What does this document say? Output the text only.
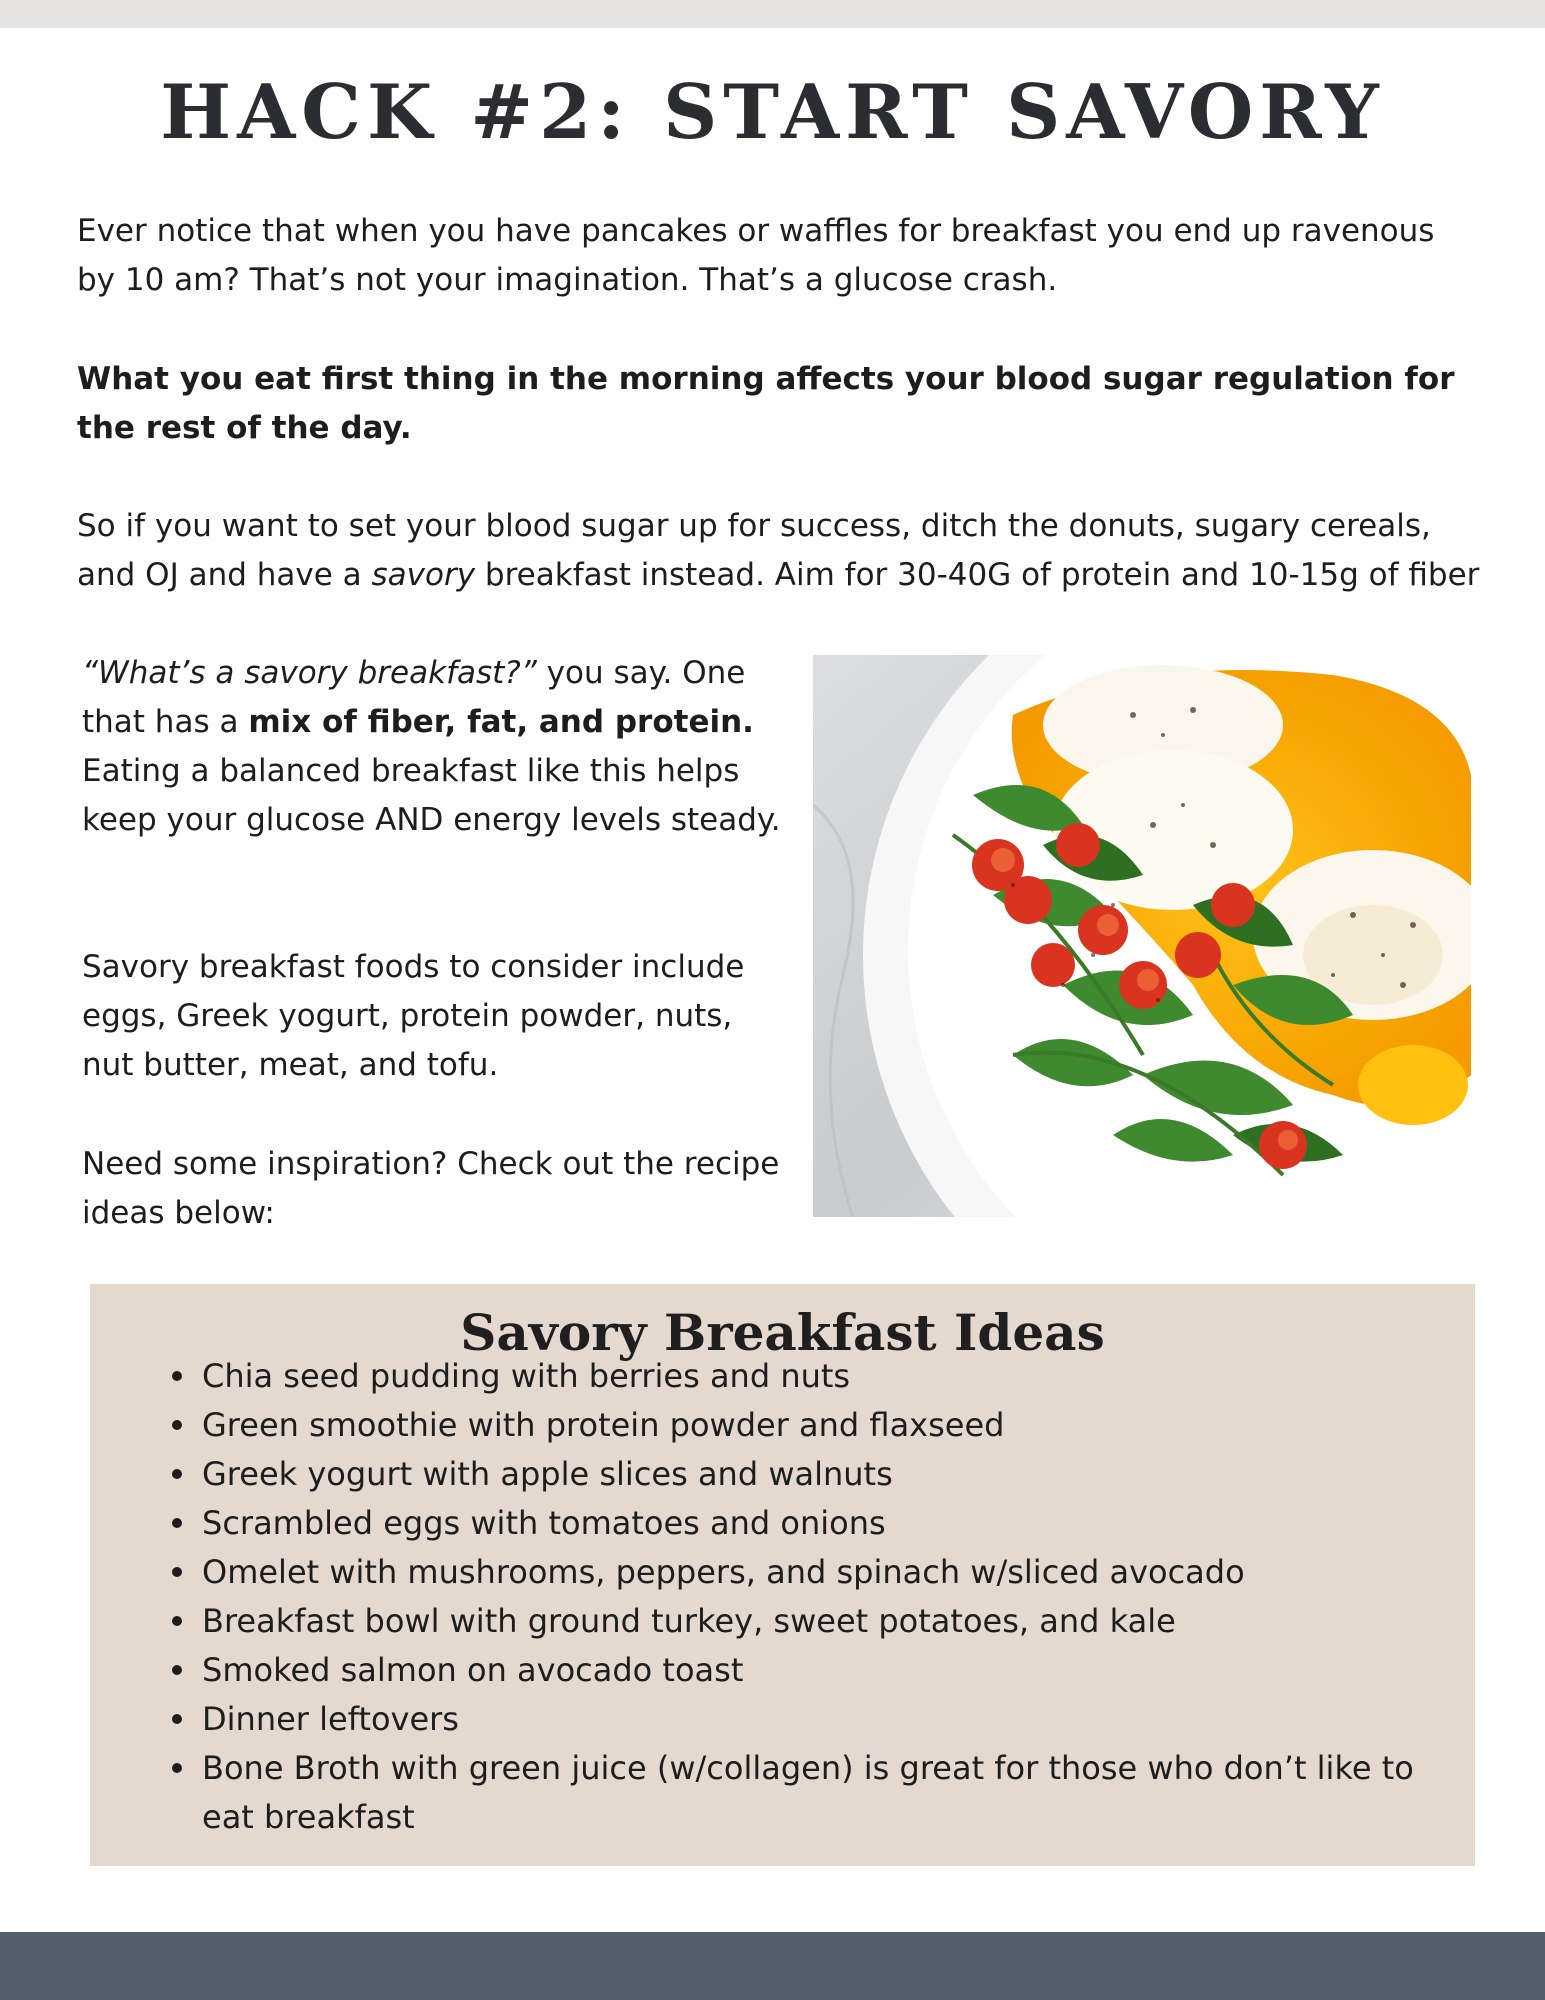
HACK #2: START SAVORY

Ever notice that when you have pancakes or waffles for breakfast you end up ravenous by 10 am? That’s not your imagination. That’s a glucose crash.

What you eat first thing in the morning affects your blood sugar regulation for the rest of the day.

So if you want to set your blood sugar up for success, ditch the donuts, sugary cereals, and OJ and have a savory breakfast instead. Aim for 30-40G of protein and 10-15g of fiber

“What’s a savory breakfast?” you say. One that has a mix of fiber, fat, and protein. Eating a balanced breakfast like this helps keep your glucose AND energy levels steady.

Savory breakfast foods to consider include eggs, Greek yogurt, protein powder, nuts, nut butter, meat, and tofu.

Need some inspiration? Check out the recipe ideas below:

Savory Breakfast Ideas
Chia seed pudding with berries and nuts
Green smoothie with protein powder and flaxseed
Greek yogurt with apple slices and walnuts
Scrambled eggs with tomatoes and onions
Omelet with mushrooms, peppers, and spinach w/sliced avocado
Breakfast bowl with ground turkey, sweet potatoes, and kale
Smoked salmon on avocado toast
Dinner leftovers
Bone Broth with green juice (w/collagen) is great for those who don’t like to eat breakfast
